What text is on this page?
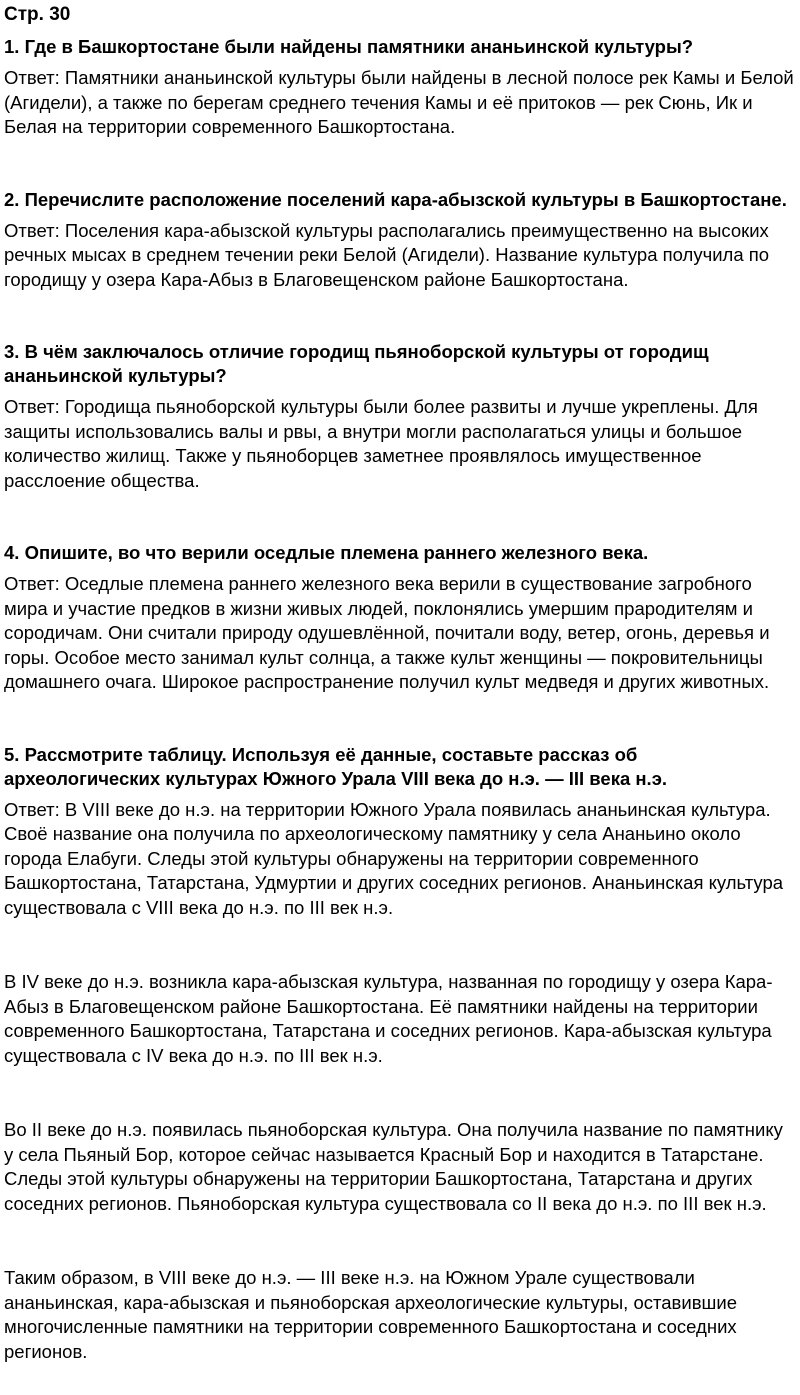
Стр. 30
1. Где в Башкортостане были найдены памятники ананьинской культуры?
Ответ: Памятники ананьинской культуры были найдены в лесной полосе рек Камы и Белой (Агидели), а также по берегам среднего течения Камы и её притоков — рек Сюнь, Ик и Белая на территории современного Башкортостана.
2. Перечислите расположение поселений кара-абызской культуры в Башкортостане.
Ответ: Поселения кара-абызской культуры располагались преимущественно на высоких речных мысах в среднем течении реки Белой (Агидели). Название культура получила по городищу у озера Кара-Абыз в Благовещенском районе Башкортостана.
3. В чём заключалось отличие городищ пьяноборской культуры от городищ ананьинской культуры?
Ответ: Городища пьяноборской культуры были более развиты и лучше укреплены. Для защиты использовались валы и рвы, а внутри могли располагаться улицы и большое количество жилищ. Также у пьяноборцев заметнее проявлялось имущественное расслоение общества.
4. Опишите, во что верили оседлые племена раннего железного века.
Ответ: Оседлые племена раннего железного века верили в существование загробного мира и участие предков в жизни живых людей, поклонялись умершим прародителям и сородичам. Они считали природу одушевлённой, почитали воду, ветер, огонь, деревья и горы. Особое место занимал культ солнца, а также культ женщины — покровительницы домашнего очага. Широкое распространение получил культ медведя и других животных.
5. Рассмотрите таблицу. Используя её данные, составьте рассказ об археологических культурах Южного Урала VIII века до н.э. — III века н.э.
Ответ: В VIII веке до н.э. на территории Южного Урала появилась ананьинская культура. Своё название она получила по археологическому памятнику у села Ананьино около города Елабуги. Следы этой культуры обнаружены на территории современного Башкортостана, Татарстана, Удмуртии и других соседних регионов. Ананьинская культура существовала с VIII века до н.э. по III век н.э.
В IV веке до н.э. возникла кара-абызская культура, названная по городищу у озера Кара-Абыз в Благовещенском районе Башкортостана. Её памятники найдены на территории современного Башкортостана, Татарстана и соседних регионов. Кара-абызская культура существовала с IV века до н.э. по III век н.э.
Во II веке до н.э. появилась пьяноборская культура. Она получила название по памятнику у села Пьяный Бор, которое сейчас называется Красный Бор и находится в Татарстане. Следы этой культуры обнаружены на территории Башкортостана, Татарстана и других соседних регионов. Пьяноборская культура существовала со II века до н.э. по III век н.э.
Таким образом, в VIII веке до н.э. — III веке н.э. на Южном Урале существовали ананьинская, кара-абызская и пьяноборская археологические культуры, оставившие многочисленные памятники на территории современного Башкортостана и соседних регионов.
